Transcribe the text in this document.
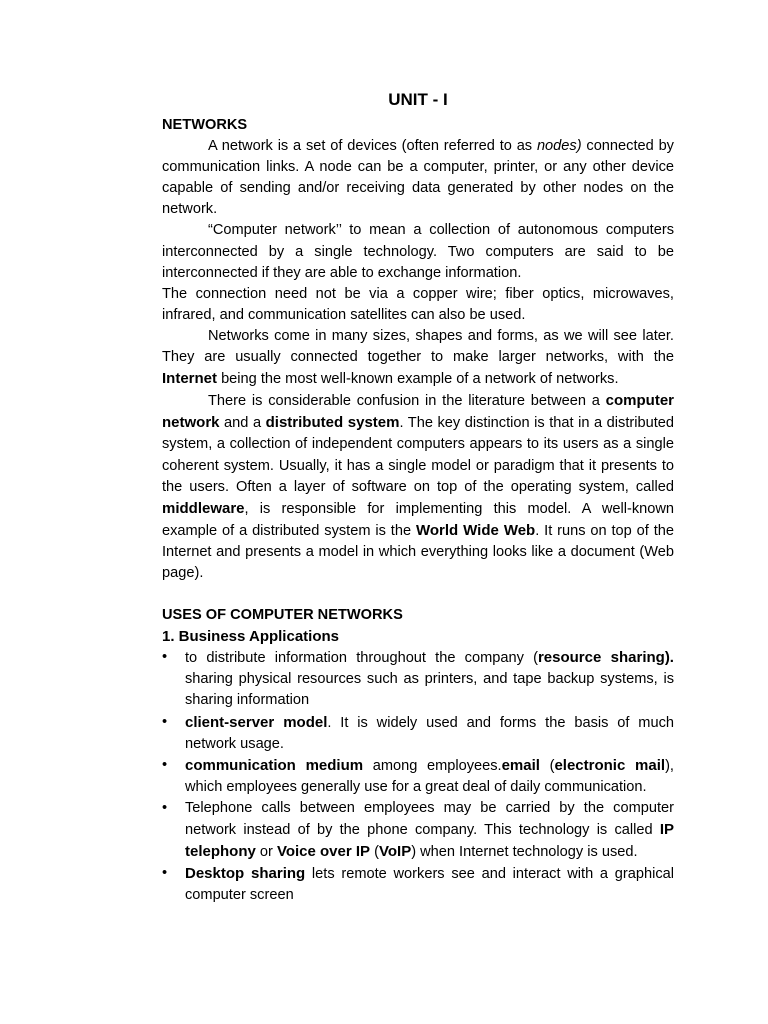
UNIT - I
NETWORKS

A network is a set of devices (often referred to as nodes) connected by communication links. A node can be a computer, printer, or any other device capable of sending and/or receiving data generated by other nodes on the network.

“Computer network’’ to mean a collection of autonomous computers interconnected by a single technology. Two computers are said to be interconnected if they are able to exchange information.

The connection need not be via a copper wire; fiber optics, microwaves, infrared, and communication satellites can also be used.

Networks come in many sizes, shapes and forms, as we will see later. They are usually connected together to make larger networks, with the Internet being the most well-known example of a network of networks.

There is considerable confusion in the literature between a computer network and a distributed system. The key distinction is that in a distributed system, a collection of independent computers appears to its users as a single coherent system. Usually, it has a single model or paradigm that it presents to the users. Often a layer of software on top of the operating system, called middleware, is responsible for implementing this model. A well-known example of a distributed system is the World Wide Web. It runs on top of the Internet and presents a model in which everything looks like a document (Web page).

USES OF COMPUTER NETWORKS
1. Business Applications
• to distribute information throughout the company (resource sharing). sharing physical resources such as printers, and tape backup systems, is sharing information
• client-server model. It is widely used and forms the basis of much network usage.
• communication medium among employees.email (electronic mail), which employees generally use for a great deal of daily communication.
• Telephone calls between employees may be carried by the computer network instead of by the phone company. This technology is called IP telephony or Voice over IP (VoIP) when Internet technology is used.
• Desktop sharing lets remote workers see and interact with a graphical computer screen
